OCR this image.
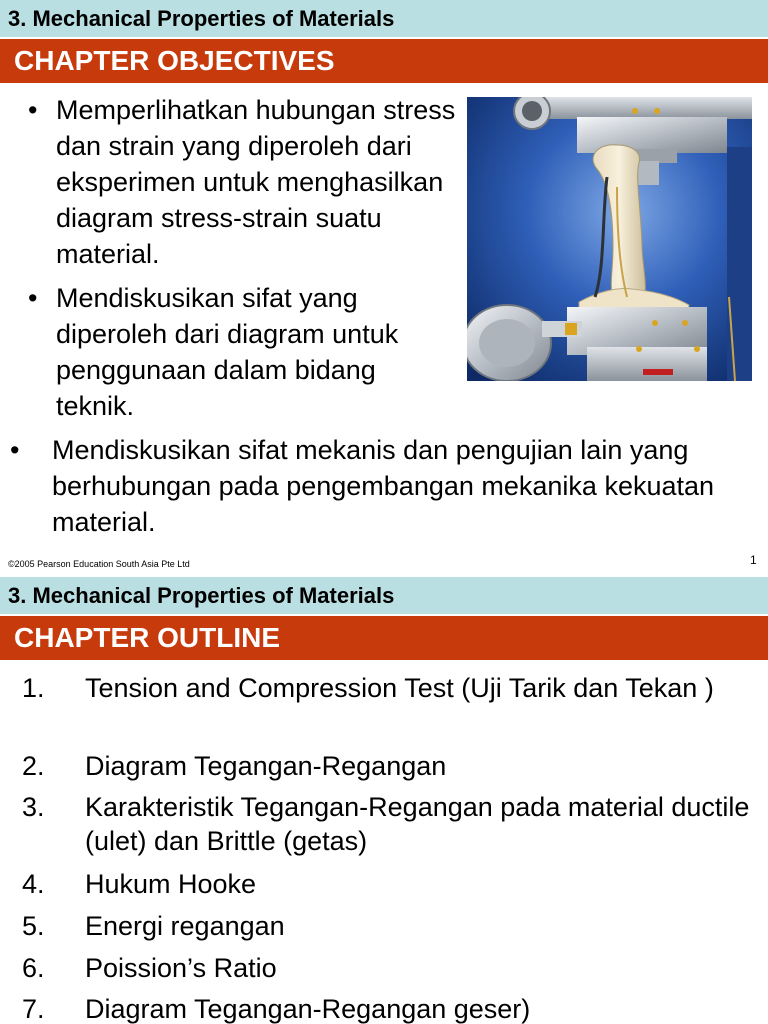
3. Mechanical Properties of Materials
CHAPTER OBJECTIVES
• Memperlihatkan hubungan stress dan strain yang diperoleh dari eksperimen untuk menghasilkan diagram stress-strain suatu material.
• Mendiskusikan sifat yang diperoleh dari diagram untuk penggunaan dalam bidang teknik.
• Mendiskusikan sifat mekanis dan pengujian lain yang berhubungan pada pengembangan mekanika kekuatan material.
©2005 Pearson Education South Asia Pte Ltd	1
3. Mechanical Properties of Materials
CHAPTER OUTLINE
1. Tension and Compression Test (Uji Tarik dan Tekan )
2. Diagram Tegangan-Regangan
3. Karakteristik Tegangan-Regangan pada material ductile (ulet) dan Brittle (getas)
4. Hukum Hooke
5. Energi regangan
6. Poission’s Ratio
7. Diagram Tegangan-Regangan geser)
